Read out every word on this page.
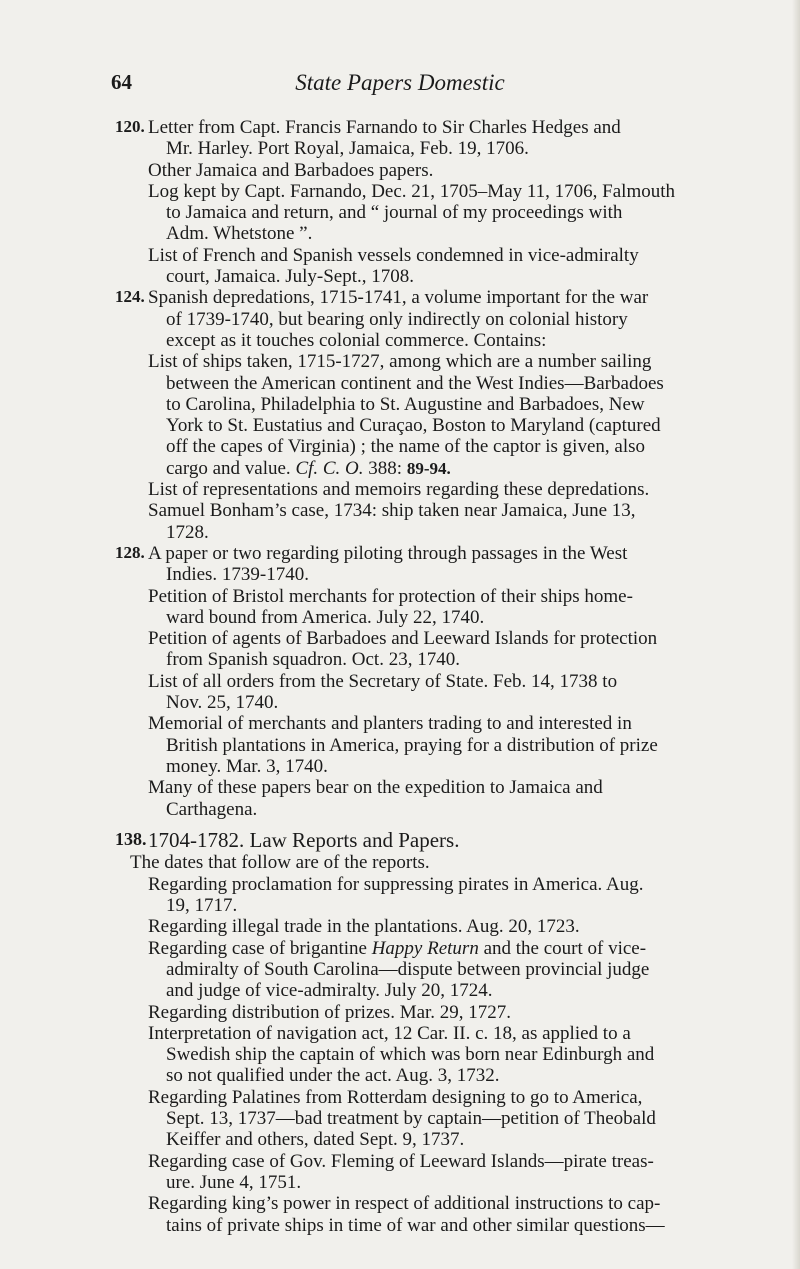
64	State Papers Domestic
120. Letter from Capt. Francis Farnando to Sir Charles Hedges and
Mr. Harley. Port Royal, Jamaica, Feb. 19, 1706.
Other Jamaica and Barbadoes papers.
Log kept by Capt. Farnando, Dec. 21, 1705–May 11, 1706, Falmouth
to Jamaica and return, and “ journal of my proceedings with
Adm. Whetstone ”.
List of French and Spanish vessels condemned in vice-admiralty
court, Jamaica. July-Sept., 1708.
124. Spanish depredations, 1715-1741, a volume important for the war
of 1739-1740, but bearing only indirectly on colonial history
except as it touches colonial commerce. Contains:
List of ships taken, 1715-1727, among which are a number sailing
between the American continent and the West Indies—Barbadoes
to Carolina, Philadelphia to St. Augustine and Barbadoes, New
York to St. Eustatius and Curaçao, Boston to Maryland (captured
off the capes of Virginia) ; the name of the captor is given, also
cargo and value. Cf. C. O. 388: 89-94.
List of representations and memoirs regarding these depredations.
Samuel Bonham’s case, 1734: ship taken near Jamaica, June 13,
1728.
128. A paper or two regarding piloting through passages in the West
Indies. 1739-1740.
Petition of Bristol merchants for protection of their ships home-
ward bound from America. July 22, 1740.
Petition of agents of Barbadoes and Leeward Islands for protection
from Spanish squadron. Oct. 23, 1740.
List of all orders from the Secretary of State. Feb. 14, 1738 to
Nov. 25, 1740.
Memorial of merchants and planters trading to and interested in
British plantations in America, praying for a distribution of prize
money. Mar. 3, 1740.
Many of these papers bear on the expedition to Jamaica and
Carthagena.
138. 1704-1782. Law Reports and Papers.
The dates that follow are of the reports.
Regarding proclamation for suppressing pirates in America. Aug.
19, 1717.
Regarding illegal trade in the plantations. Aug. 20, 1723.
Regarding case of brigantine Happy Return and the court of vice-
admiralty of South Carolina—dispute between provincial judge
and judge of vice-admiralty. July 20, 1724.
Regarding distribution of prizes. Mar. 29, 1727.
Interpretation of navigation act, 12 Car. II. c. 18, as applied to a
Swedish ship the captain of which was born near Edinburgh and
so not qualified under the act. Aug. 3, 1732.
Regarding Palatines from Rotterdam designing to go to America,
Sept. 13, 1737—bad treatment by captain—petition of Theobald
Keiffer and others, dated Sept. 9, 1737.
Regarding case of Gov. Fleming of Leeward Islands—pirate treas-
ure. June 4, 1751.
Regarding king’s power in respect of additional instructions to cap-
tains of private ships in time of war and other similar questions—
